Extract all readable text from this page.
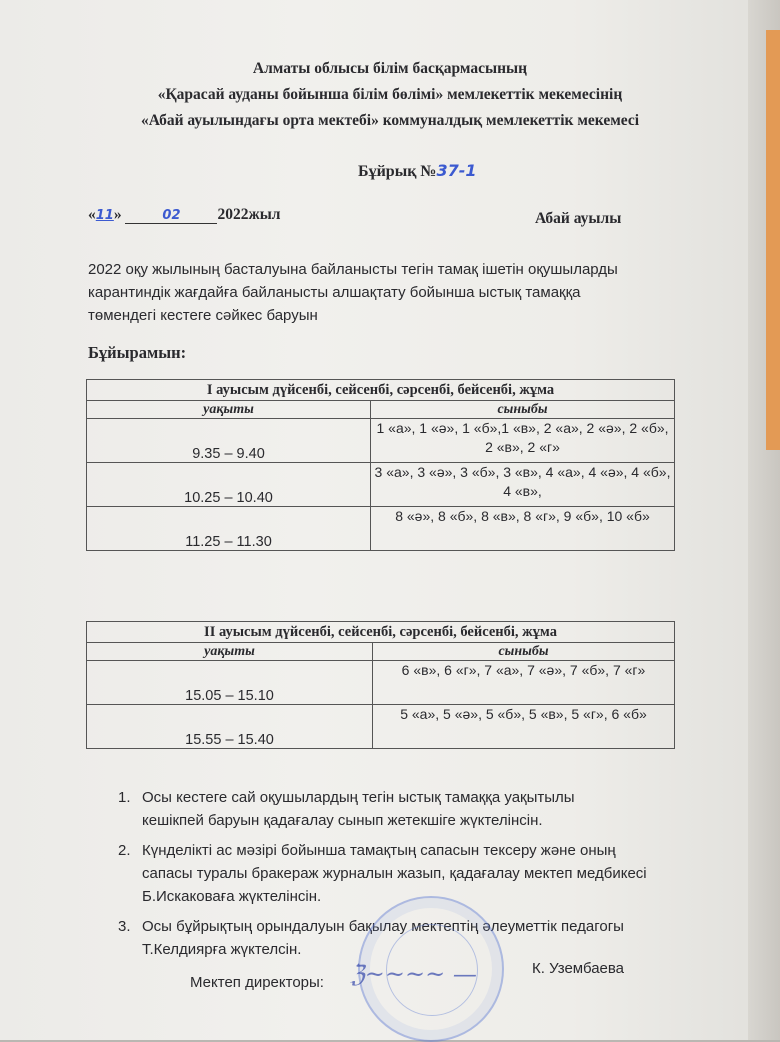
Алматы облысы білім басқармасының
«Қарасай ауданы бойынша білім бөлімі» мемлекеттік мекемесінің
«Абай ауылындағы орта мектебі» коммуналдық мемлекеттік мекемесі
Бұйрық №37-1
«11»	02 2022жыл	Абай ауылы
2022 оқу жылының басталуына байланысты тегін тамақ ішетін оқушыларды
карантиндік жағдайға байланысты алшақтату бойынша ыстық тамаққа
төмендегі кестеге сәйкес баруын
Бұйырамын:
I ауысым дүйсенбі, сейсенбі, сәрсенбі, бейсенбі, жұма	
уақыты	сыныбы
9.35 – 9.40	1 «а», 1 «ә», 1 «б»,1 «в», 2 «а», 2 «ә», 2 «б», 2 «в», 2 «г»
10.25 – 10.40	3 «а», 3 «ә», 3 «б», 3 «в», 4 «а», 4 «ә», 4 «б», 4 «в»,
11.25 – 11.30	8 «ә», 8 «б», 8 «в», 8 «г», 9 «б», 10 «б»
II ауысым дүйсенбі, сейсенбі, сәрсенбі, бейсенбі, жұма	
уақыты	сыныбы
15.05 – 15.10	6 «в», 6 «г», 7 «а», 7 «ә», 7 «б», 7 «г»
15.55 – 15.40	5 «а», 5 «ә», 5 «б», 5 «в», 5 «г», 6 «б»
1. Осы кестеге сай оқушылардың тегін ыстық тамаққа уақытылы
кешікпей баруын қадағалау сынып жетекшіге жүктелінсін.
2. Күнделікті ас мәзірі бойынша тамақтың сапасын тексеру және оның
сапасы туралы бракераж журналын жазып, қадағалау мектеп медбикесі
Б.Искаковаға жүктелінсін.
3. Осы бұйрықтың орындалуын бақылау мектептің әлеуметтік педагогы
Т.Келдиярға жүктелсін.
ℨ~~~~ —
Мектеп директоры:
К. Узембаева
